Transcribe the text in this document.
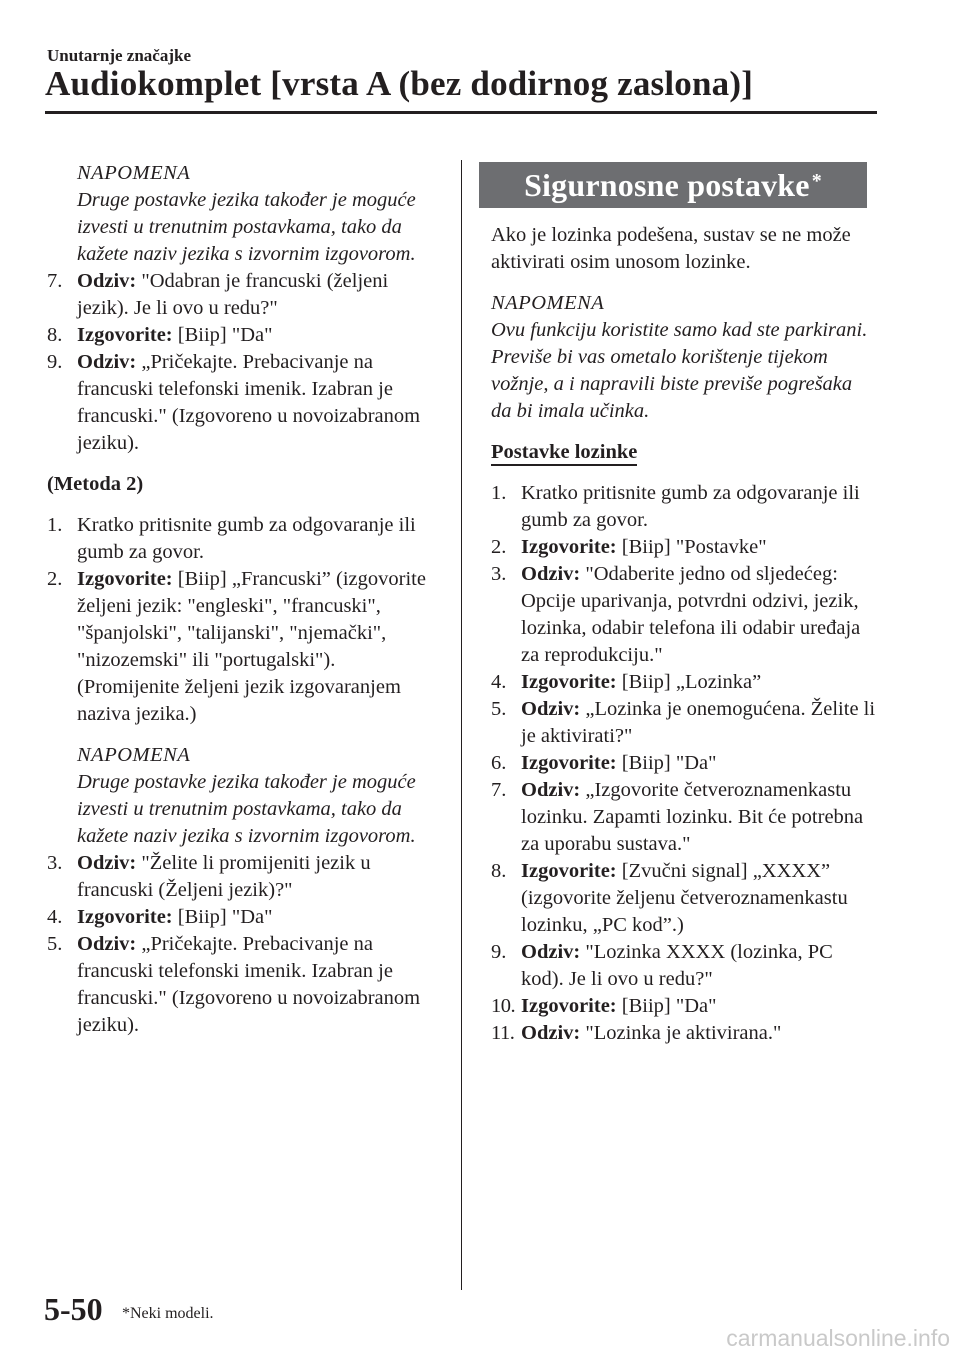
Unutarnje značajke
Audiokomplet [vrsta A (bez dodirnog zaslona)]
NAPOMENA
Druge postavke jezika također je moguće izvesti u trenutnim postavkama, tako da kažete naziv jezika s izvornim izgovorom.
7. Odziv: "Odabran je francuski (željeni jezik). Je li ovo u redu?"
8. Izgovorite: [Biip] "Da"
9. Odziv: „Pričekajte. Prebacivanje na francuski telefonski imenik. Izabran je francuski." (Izgovoreno u novoizabranom jeziku).

(Metoda 2)

1. Kratko pritisnite gumb za odgovaranje ili gumb za govor.
2. Izgovorite: [Biip] „Francuski” (izgovorite željeni jezik: "engleski", "francuski", "španjolski", "talijanski", "njemački", "nizozemski" ili "portugalski"). (Promijenite željeni jezik izgovaranjem naziva jezika.)
NAPOMENA
Druge postavke jezika također je moguće izvesti u trenutnim postavkama, tako da kažete naziv jezika s izvornim izgovorom.
3. Odziv: "Želite li promijeniti jezik u francuski (Željeni jezik)?"
4. Izgovorite: [Biip] "Da"
5. Odziv: „Pričekajte. Prebacivanje na francuski telefonski imenik. Izabran je francuski." (Izgovoreno u novoizabranom jeziku).
Sigurnosne postavke*

Ako je lozinka podešena, sustav se ne može aktivirati osim unosom lozinke.

NAPOMENA
Ovu funkciju koristite samo kad ste parkirani. Previše bi vas ometalo korištenje tijekom vožnje, a i napravili biste previše pogrešaka da bi imala učinka.
Postavke lozinke
1. Kratko pritisnite gumb za odgovaranje ili gumb za govor.
2. Izgovorite: [Biip] "Postavke"
3. Odziv: "Odaberite jedno od sljedećeg: Opcije uparivanja, potvrdni odzivi, jezik, lozinka, odabir telefona ili odabir uređaja za reprodukciju."
4. Izgovorite: [Biip] „Lozinka”
5. Odziv: „Lozinka je onemogućena. Želite li je aktivirati?"
6. Izgovorite: [Biip] "Da"
7. Odziv: „Izgovorite četveroznamenkastu lozinku. Zapamti lozinku. Bit će potrebna za uporabu sustava."
8. Izgovorite: [Zvučni signal] „XXXX” (izgovorite željenu četveroznamenkastu lozinku, „PC kod”.)
9. Odziv: "Lozinka XXXX (lozinka, PC kod). Je li ovo u redu?"
10. Izgovorite: [Biip] "Da"
11. Odziv: "Lozinka je aktivirana."
5-50 *Neki modeli.
carmanualsonline.info
